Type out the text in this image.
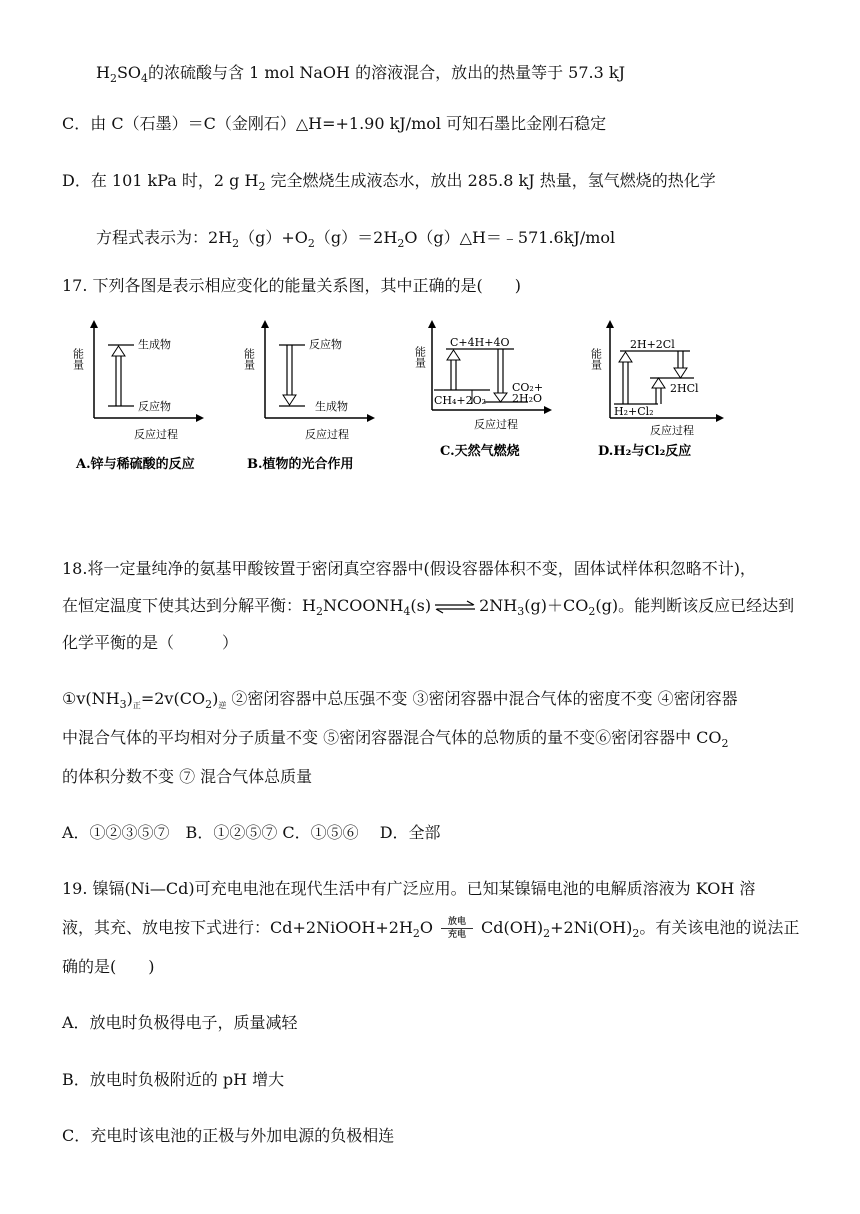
$H_2SO_4$的浓硫酸与含 1 mol NaOH 的溶液混合，放出的热量等于 57.3 kJ
C．由 C（石墨）＝C（金刚石）△H=+1.90 kJ/mol 可知石墨比金刚石稳定
D．在 101 kPa 时，2 g $H_2$ 完全燃烧生成液态水，放出 285.8 kJ 热量，氢气燃烧的热化学
方程式表示为：$2H_2(g)+O_2(g)=2H_2O(g)\triangle H=﹣571.6kJ$/mol
17. 下列各图是表示相应变化的能量关系图，其中正确的是(　　)
能量
生成物
反应物
反应过程
A.锌与稀硫酸的反应
能量
反应物
生成物
反应过程
B.植物的光合作用
能量
C+4H+4O
CH₄+2O₂
CO₂+
2H₂O
反应过程
C.天然气燃烧
能量
2H+2Cl
2HCl
H₂+Cl₂
反应过程
D.H₂与Cl₂反应
18.将一定量纯净的氨基甲酸铵置于密闭真空容器中(假设容器体积不变，固体试样体积忽略不计)，
在恒定温度下使其达到分解平衡：$H_2NCOONH_4(s)$ ⇌ $2NH_3(g)+CO_2(g)$。能判断该反应已经达到
化学平衡的是（　　　）
$①v(NH_3)_正=2v(CO_2)_逆$ ②密闭容器中总压强不变 ③密闭容器中混合气体的密度不变 ④密闭容器
中混合气体的平均相对分子质量不变 ⑤密闭容器混合气体的总物质的量不变⑥密闭容器中 $CO_2$
的体积分数不变 ⑦ 混合气体总质量
A．①②③⑤⑦　B．①②⑤⑦ C．①⑤⑥　 D．全部
19. 镍镉(Ni—Cd)可充电电池在现代生活中有广泛应用。已知某镍镉电池的电解质溶液为 KOH 溶
液，其充、放电按下式进行：$Cd+2NiOOH+2H_2O$ 放电
充电 $Cd(OH)_2+2Ni(OH)_2$。有关该电池的说法正
确的是(　　)
A．放电时负极得电子，质量减轻
B．放电时负极附近的 pH 增大
C．充电时该电池的正极与外加电源的负极相连
